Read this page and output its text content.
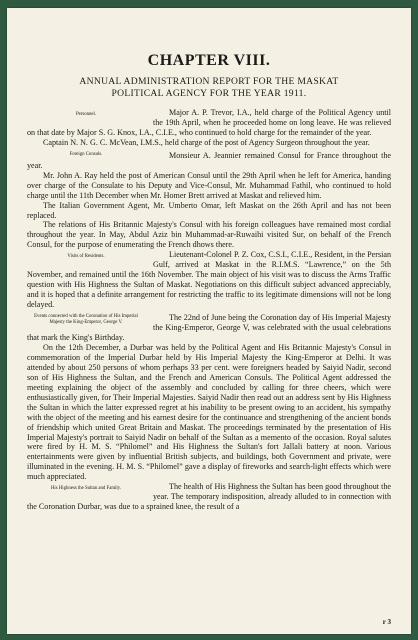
CHAPTER VIII.
ANNUAL ADMINISTRATION REPORT FOR THE MASKAT
POLITICAL AGENCY FOR THE YEAR 1911.

Personnel.	Major A. P. Trevor, I.A., held charge of the Political Agency until the 19th April, when he proceeded home on long leave. He was relieved on that date by Major S. G. Knox, I.A., C.I.E., who continued to hold charge for the remainder of the year.

Captain N. N. G. C. McVean, I.M.S., held charge of the post of Agency Surgeon throughout the year.

Foreign Consuls.	Monsieur A. Jeannier remained Consul for France throughout the year.

Mr. John A. Ray held the post of American Consul until the 29th April when he left for America, handing over charge of the Consulate to his Deputy and Vice-Consul, Mr. Muhammad Fathil, who continued to hold charge until the 11th December when Mr. Homer Brett arrived at Maskat and relieved him.

The Italian Government Agent, Mr. Umberto Omar, left Maskat on the 26th April and has not been replaced.

The relations of His Britannic Majesty's Consul with his foreign colleagues have remained most cordial throughout the year. In May, Abdul Aziz bin Muhammad-ar-Ruwaihi visited Sur, on behalf of the French Consul, for the purpose of enumerating the French dhows there.

Visits of Residents.	Lieutenant-Colonel P. Z. Cox, C.S.I., C.I.E., Resident, in the Persian Gulf, arrived at Maskat in the R.I.M.S. “Lawrence,” on the 5th November, and remained until the 16th November. The main object of his visit was to discuss the Arms Traffic question with His Highness the Sultan of Maskat. Negotiations on this difficult subject advanced appreciably, and it is hoped that a definite arrangement for restricting the traffic to its legitimate dimensions will not be long delayed.

Events connected with the Coronation of His Imperial Majesty the King-Emperor, George V.
The 22nd of June being the Coronation day of His Imperial Majesty the King-Emperor, George V, was celebrated with the usual celebrations that mark the King's Birthday.

On the 12th December, a Durbar was held by the Political Agent and His Britannic Majesty's Consul in commemoration of the Imperial Durbar held by His Imperial Majesty the King-Emperor at Delhi. It was attended by about 250 persons of whom perhaps 33 per cent. were foreigners headed by Saiyid Nadir, second son of His Highness the Sultan, and the French and American Consuls. The Political Agent addressed the meeting explaining the object of the assembly and concluded by calling for three cheers, which were enthusiastically given, for Their Imperial Majesties. Saiyid Nadir then read out an address sent by His Highness the Sultan in which the latter expressed regret at his inability to be present owing to an accident, his sympathy with the object of the meeting and his earnest desire for the continuance and strengthening of the ancient bonds of friendship which united Great Britain and Maskat. The proceedings terminated by the presentation of His Imperial Majesty's portrait to Saiyid Nadir on behalf of the Sultan as a memento of the occasion. Royal salutes were fired by H. M. S. “Philomel” and His Highness the Sultan's fort Jallali battery at noon. Various entertainments were given by influential British subjects, and buildings, both Government and private, were illuminated in the evening. H. M. S. “Philomel” gave a display of fireworks and search-light effects which were much appreciated.

His Highness the Sultan and Family.	The health of His Highness the Sultan has been good throughout the year. The temporary indisposition, already alluded to in connection with the Coronation Durbar, was due to a sprained knee, the result of a

r 3
